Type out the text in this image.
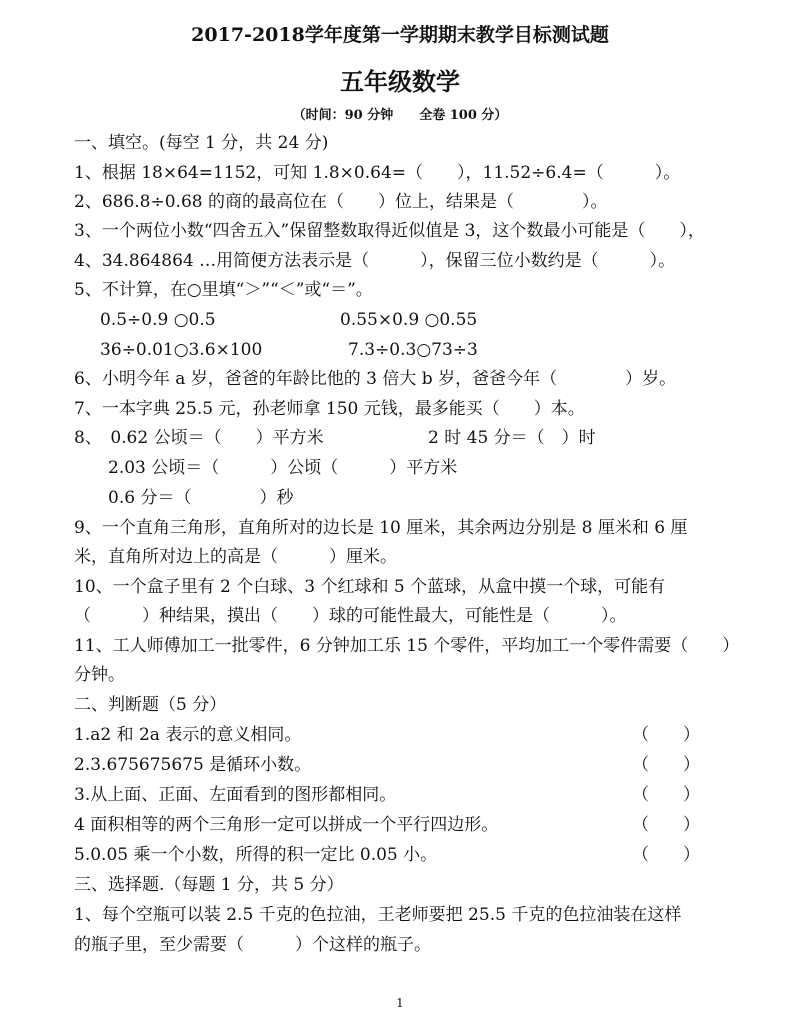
2017-2018学年度第一学期期末教学目标测试题
五年级数学
（时间：90 分钟　　全卷 100 分）
一、填空。(每空 1 分，共 24 分)
1、根据 18×64=1152，可知 1.8×0.64=（　　），11.52÷6.4=（　　　）。
2、686.8÷0.68 的商的最高位在（　　）位上，结果是（　　　　）。
3、一个两位小数“四舍五入”保留整数取得近似值是 3，这个数最小可能是（　　），
4、34.864864 …用简便方法表示是（　　　），保留三位小数约是（　　　）。
5、不计算，在○里填“＞”“＜”或“＝”。
0.5÷0.9 ○0.5	0.55×0.9 ○0.55
36÷0.01○3.6×100	7.3÷0.3○73÷3
6、小明今年 a 岁，爸爸的年龄比他的 3 倍大 b 岁，爸爸今年（　　　　）岁。
7、一本字典 25.5 元，孙老师拿 150 元钱，最多能买（　　）本。
8、　0.62 公顷＝（　　）平方米	2 时 45 分＝（　）时
2.03 公顷＝（　　　）公顷（　　　）平方米
0.6 分＝（　　　　）秒
9、一个直角三角形，直角所对的边长是 10 厘米，其余两边分别是 8 厘米和 6 厘
米，直角所对边上的高是（　　　）厘米。
10、一个盒子里有 2 个白球、3 个红球和 5 个蓝球，从盒中摸一个球，可能有
（　　　）种结果，摸出（　　）球的可能性最大，可能性是（　　　）。
11、工人师傅加工一批零件，6 分钟加工乐 15 个零件，平均加工一个零件需要（　　）
分钟。
二、判断题（5 分）
1.a2 和 2a 表示的意义相同。	（　　）
2.3.675675675 是循环小数。	（　　）
3.从上面、正面、左面看到的图形都相同。	（　　）
4 面积相等的两个三角形一定可以拼成一个平行四边形。	（　　）
5.0.05 乘一个小数，所得的积一定比 0.05 小。	（　　）
三、选择题.（每题 1 分，共 5 分）
1、每个空瓶可以装 2.5 千克的色拉油，王老师要把 25.5 千克的色拉油装在这样
的瓶子里，至少需要（　　　）个这样的瓶子。
1
